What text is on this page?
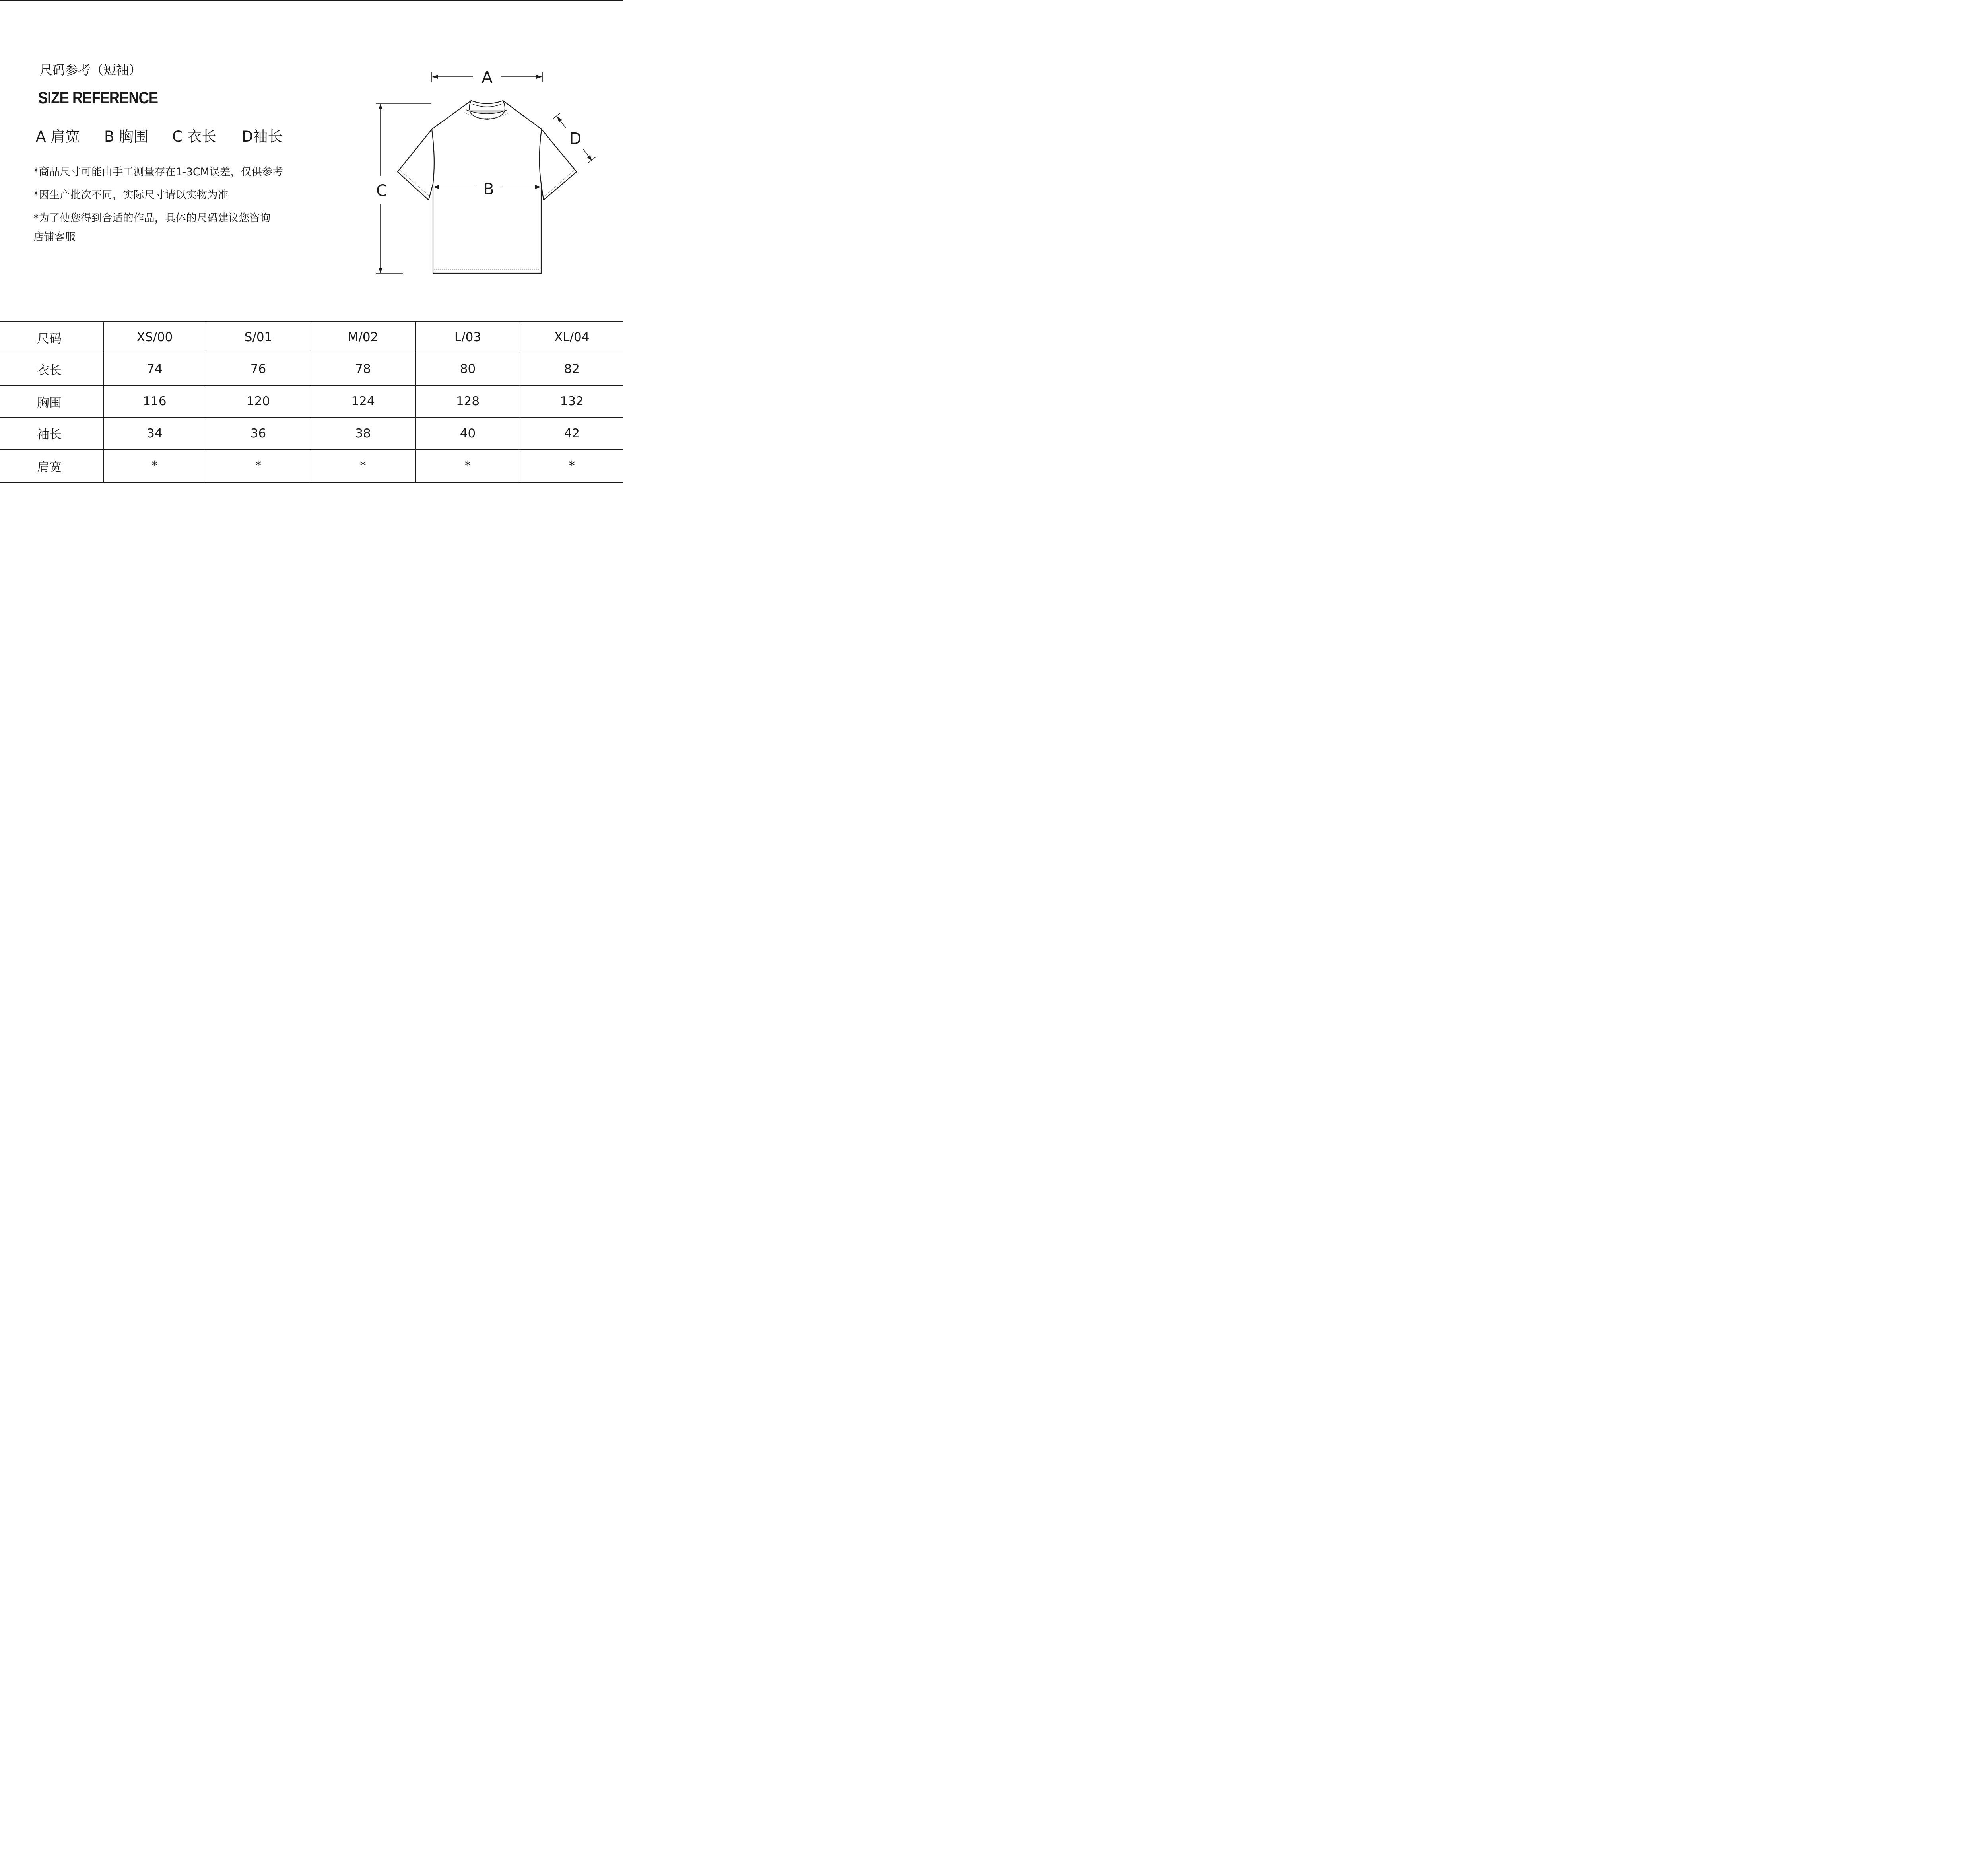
尺码参考（短袖）
SIZE REFERENCE
A 肩宽 B 胸围 C 衣长 D袖长
*商品尺寸可能由手工测量存在1-3CM误差，仅供参考
*因生产批次不同，实际尺寸请以实物为准
*为了使您得到合适的作品，具体的尺码建议您咨询
店铺客服
A
B
C
D
尺码	XS/00	S/01	M/02	L/03	XL/04
衣长	74	76	78	80	82
胸围	116	120	124	128	132
袖长	34	36	38	40	42
肩宽	*	*	*	*	*
